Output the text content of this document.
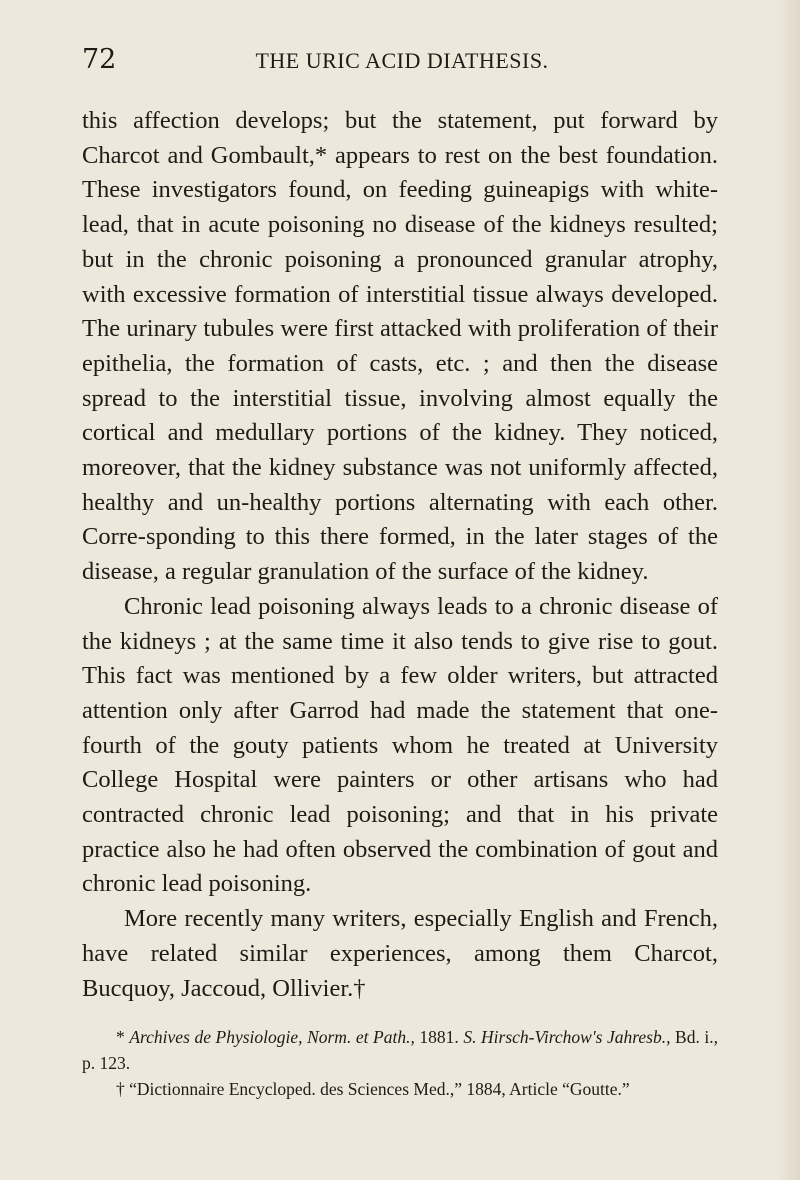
72	THE URIC ACID DIATHESIS.

this affection develops; but the statement, put forward by Charcot and Gombault,* appears to rest on the best foundation. These investigators found, on feeding guineapigs with white-lead, that in acute poisoning no disease of the kidneys resulted; but in the chronic poisoning a pronounced granular atrophy, with excessive formation of interstitial tissue always developed. The urinary tubules were first attacked with proliferation of their epithelia, the formation of casts, etc. ; and then the disease spread to the interstitial tissue, involving almost equally the cortical and medullary portions of the kidney. They noticed, moreover, that the kidney substance was not uniformly affected, healthy and un-healthy portions alternating with each other. Corre-sponding to this there formed, in the later stages of the disease, a regular granulation of the surface of the kidney.

Chronic lead poisoning always leads to a chronic disease of the kidneys ; at the same time it also tends to give rise to gout. This fact was mentioned by a few older writers, but attracted attention only after Garrod had made the statement that one-fourth of the gouty patients whom he treated at University College Hospital were painters or other artisans who had contracted chronic lead poisoning; and that in his private practice also he had often observed the combination of gout and chronic lead poisoning.

More recently many writers, especially English and French, have related similar experiences, among them Charcot, Bucquoy, Jaccoud, Ollivier.†

* Archives de Physiologie, Norm. et Path., 1881. S. Hirsch-Virchow's Jahresb., Bd. i., p. 123.

† “Dictionnaire Encycloped. des Sciences Med.,” 1884, Article “Goutte.”
